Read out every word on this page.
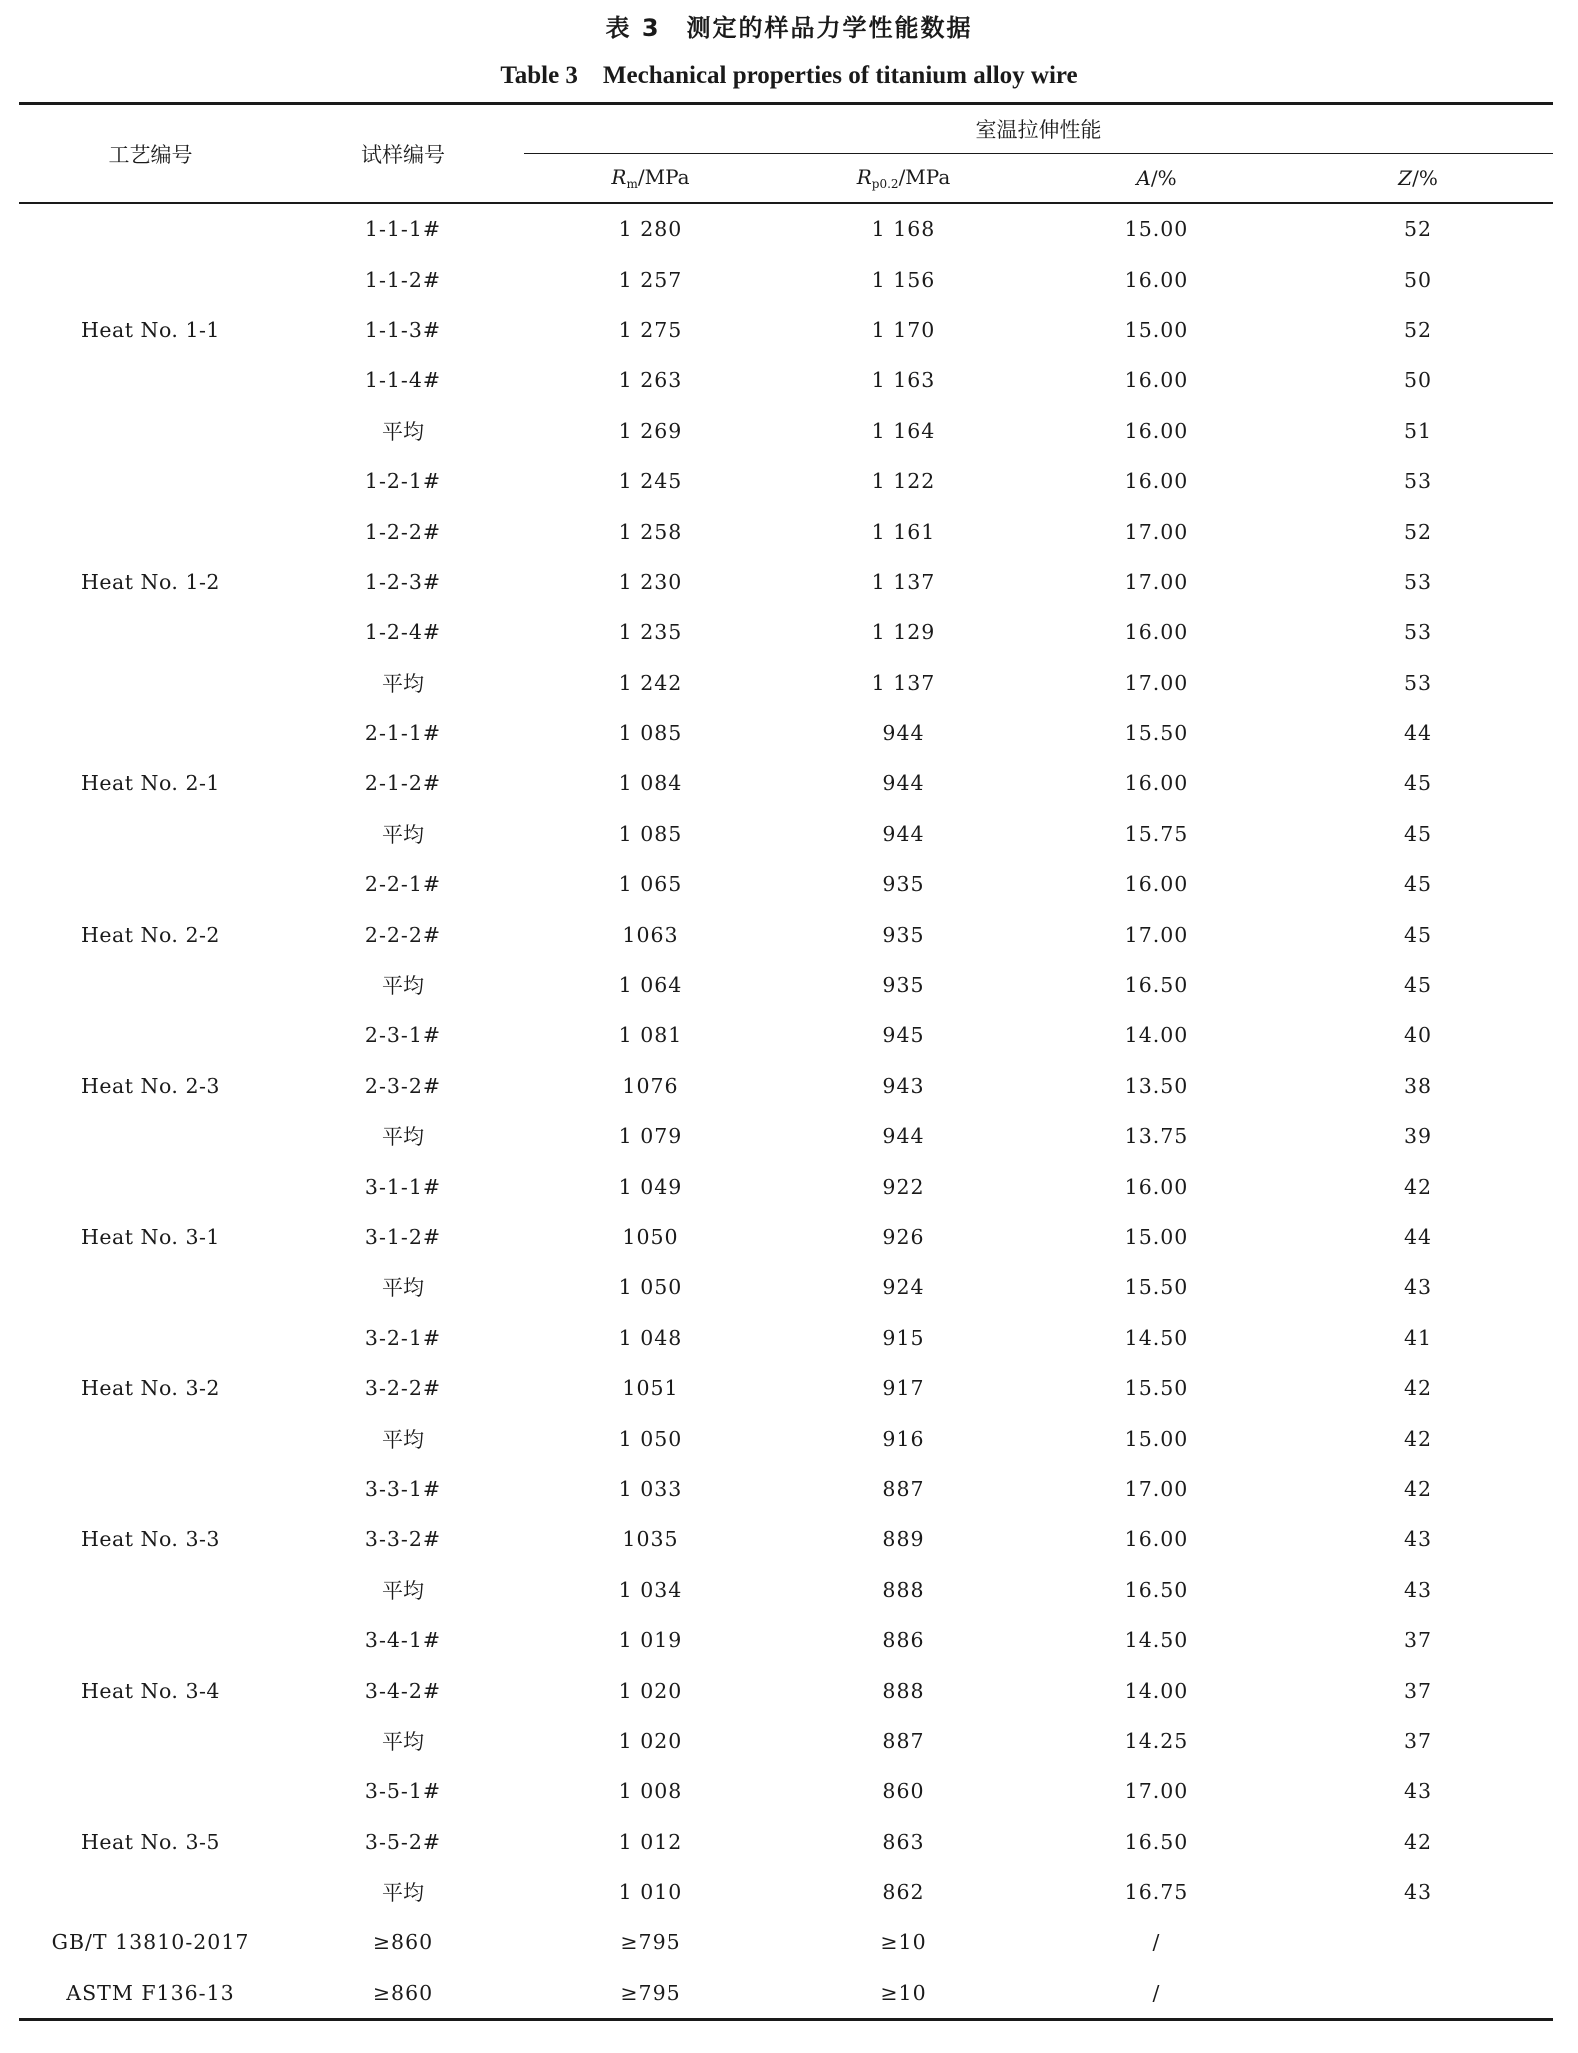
表 3　测定的样品力学性能数据
Table 3　Mechanical properties of titanium alloy wire
工艺编号	试样编号	室温拉伸性能			
		$R_m$/MPa	$R_{p0.2}$/MPa	A/%	Z/%
Heat No. 1-1	1-1-1#	1 280	1 168	15.00	52
	1-1-2#	1 257	1 156	16.00	50
	1-1-3#	1 275	1 170	15.00	52
	1-1-4#	1 263	1 163	16.00	50
	平均	1 269	1 164	16.00	51
Heat No. 1-2	1-2-1#	1 245	1 122	16.00	53
	1-2-2#	1 258	1 161	17.00	52
	1-2-3#	1 230	1 137	17.00	53
	1-2-4#	1 235	1 129	16.00	53
	平均	1 242	1 137	17.00	53
Heat No. 2-1	2-1-1#	1 085	944	15.50	44
	2-1-2#	1 084	944	16.00	45
	平均	1 085	944	15.75	45
Heat No. 2-2	2-2-1#	1 065	935	16.00	45
	2-2-2#	1063	935	17.00	45
	平均	1 064	935	16.50	45
Heat No. 2-3	2-3-1#	1 081	945	14.00	40
	2-3-2#	1076	943	13.50	38
	平均	1 079	944	13.75	39
Heat No. 3-1	3-1-1#	1 049	922	16.00	42
	3-1-2#	1050	926	15.00	44
	平均	1 050	924	15.50	43
Heat No. 3-2	3-2-1#	1 048	915	14.50	41
	3-2-2#	1051	917	15.50	42
	平均	1 050	916	15.00	42
Heat No. 3-3	3-3-1#	1 033	887	17.00	42
	3-3-2#	1035	889	16.00	43
	平均	1 034	888	16.50	43
Heat No. 3-4	3-4-1#	1 019	886	14.50	37
	3-4-2#	1 020	888	14.00	37
	平均	1 020	887	14.25	37
Heat No. 3-5	3-5-1#	1 008	860	17.00	43
	3-5-2#	1 012	863	16.50	42
	平均	1 010	862	16.75	43
GB/T 13810-2017	≥860	≥795	≥10	/	
ASTM F136-13	≥860	≥795	≥10	/	
